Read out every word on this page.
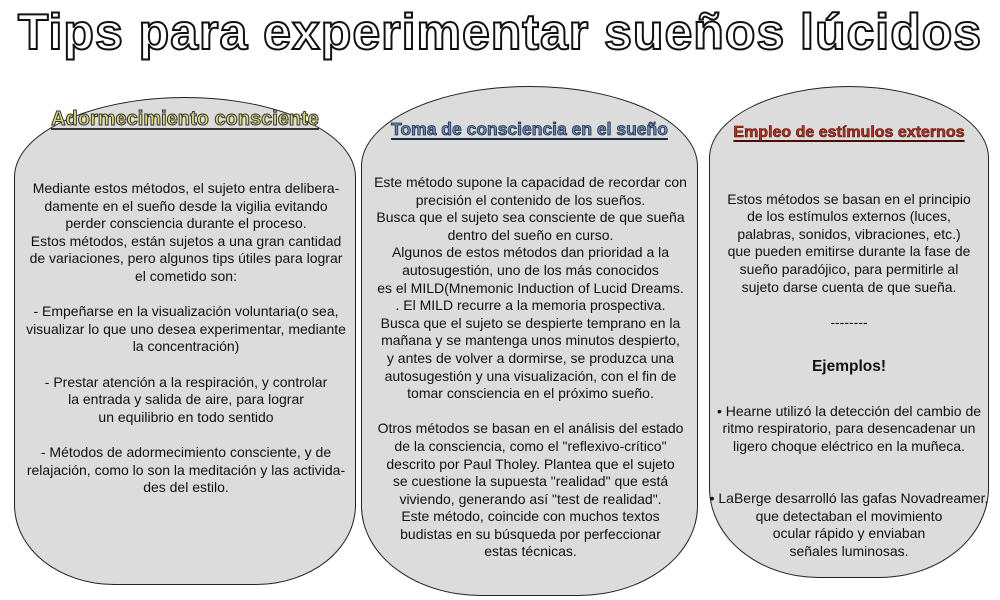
Tips para experimentar sueños lúcidos
Adormecimiento consciente
Mediante estos métodos, el sujeto entra delibera-
damente en el sueño desde la vigilia evitando
perder consciencia durante el proceso.
Estos métodos, están sujetos a una gran cantidad
de variaciones, pero algunos tips útiles para lograr
el cometido son:

- Empeñarse en la visualización voluntaria(o sea,
visualizar lo que uno desea experimentar, mediante
la concentración)

- Prestar atención a la respiración, y controlar
la entrada y salida de aire, para lograr
un equilibrio en todo sentido

- Métodos de adormecimiento consciente, y de
relajación, como lo son la meditación y las activida-
des del estilo.
Toma de consciencia en el sueño
Este método supone la capacidad de recordar con
precisión el contenido de los sueños.
Busca que el sujeto sea consciente de que sueña
dentro del sueño en curso.
Algunos de estos métodos dan prioridad a la
autosugestión, uno de los más conocidos
es el MILD(Mnemonic Induction of Lucid Dreams.
. El MILD recurre a la memoria prospectiva.
Busca que el sujeto se despierte temprano en la
mañana y se mantenga unos minutos despierto,
y antes de volver a dormirse, se produzca una
autosugestión y una visualización, con el fin de
tomar consciencia en el próximo sueño.

Otros métodos se basan en el análisis del estado
de la consciencia, como el "reflexivo-crítico"
descrito por Paul Tholey. Plantea que el sujeto
se cuestione la supuesta "realidad" que está
viviendo, generando así "test de realidad".
Este método, coincide con muchos textos
budistas en su búsqueda por perfeccionar
estas técnicas.
Empleo de estímulos externos

Estos métodos se basan en el principio
de los estímulos externos (luces,
palabras, sonidos, vibraciones, etc.)
que pueden emitirse durante la fase de
sueño paradójico, para permitirle al
sujeto darse cuenta de que sueña.

--------

Ejemplos!

• Hearne utilizó la detección del cambio de
ritmo respiratorio, para desencadenar un
ligero choque eléctrico en la muñeca.

• LaBerge desarrolló las gafas Novadreamer,
que detectaban el movimiento
ocular rápido y enviaban
señales luminosas.
